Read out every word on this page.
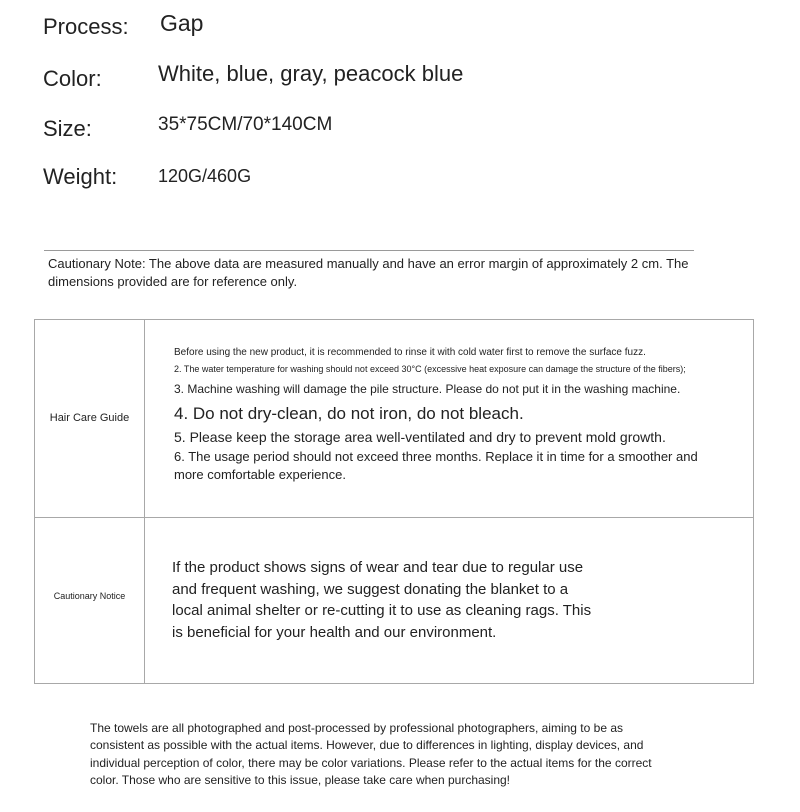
Process: Gap
Color:	White, blue, gray, peacock blue
Size:	35*75CM/70*140CM
Weight: 120G/460G
Cautionary Note: The above data are measured manually and have an error margin of approximately 2 cm. The dimensions provided are for reference only.
Hair Care Guide

Before using the new product, it is recommended to rinse it with cold water first to remove the surface fuzz.

2. The water temperature for washing should not exceed 30°C (excessive heat exposure can damage the structure of the fibers);

3. Machine washing will damage the pile structure. Please do not put it in the washing machine.

4. Do not dry-clean, do not iron, do not bleach.

5. Please keep the storage area well-ventilated and dry to prevent mold growth.

6. The usage period should not exceed three months. Replace it in time for a smoother and more comfortable experience.

Cautionary Notice
If the product shows signs of wear and tear due to regular use and frequent washing, we suggest donating the blanket to a local animal shelter or re-cutting it to use as cleaning rags. This is beneficial for your health and our environment.
The towels are all photographed and post-processed by professional photographers, aiming to be as consistent as possible with the actual items. However, due to differences in lighting, display devices, and individual perception of color, there may be color variations. Please refer to the actual items for the correct color. Those who are sensitive to this issue, please take care when purchasing!
